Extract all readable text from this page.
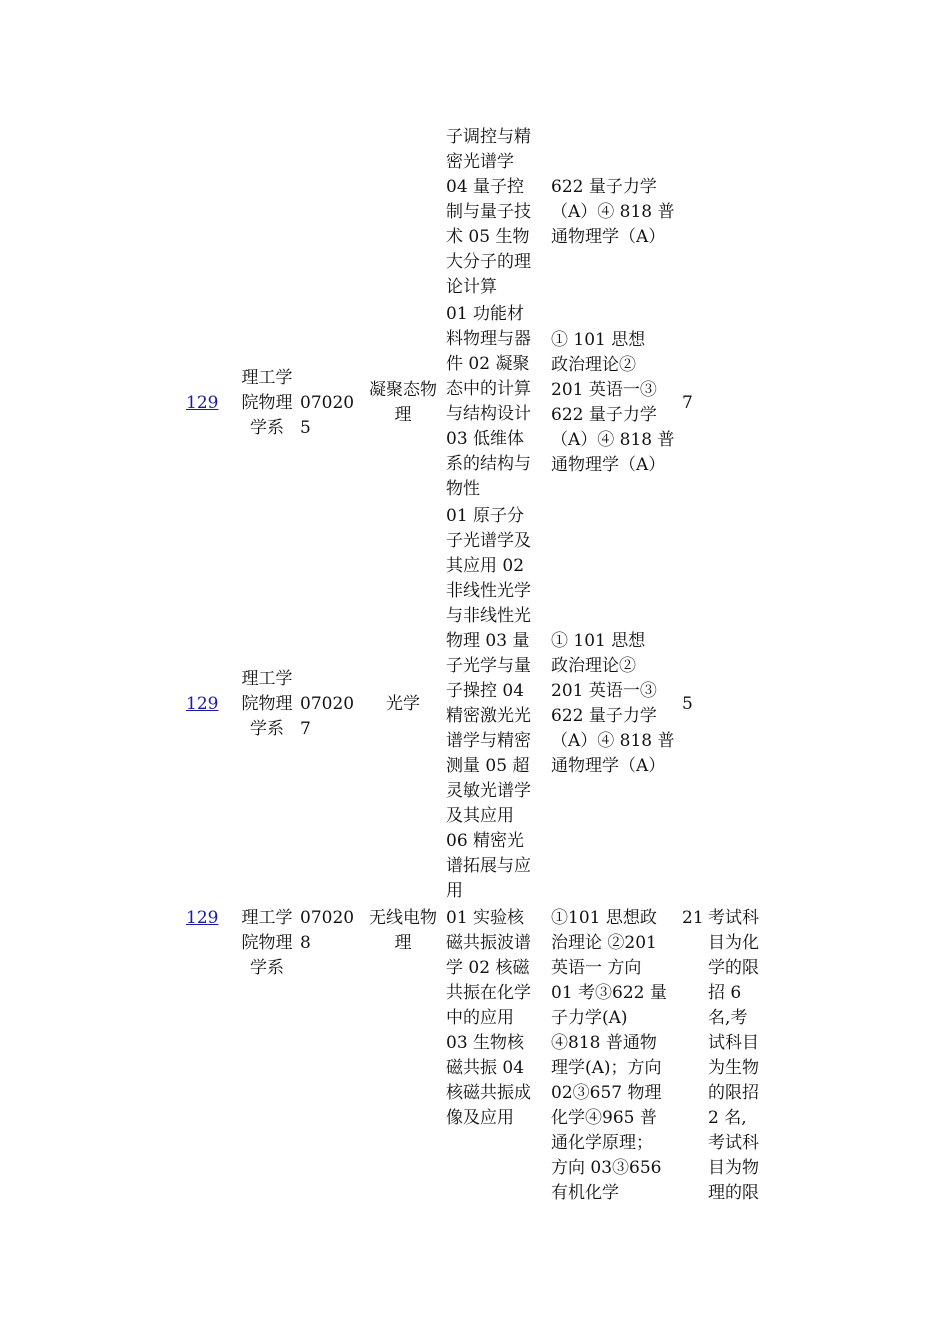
子调控与精
密光谱学
04 量子控
制与量子技
术 05 生物
大分子的理
论计算
622 量子力学
（A）④ 818 普
通物理学（A）
129
理工学
院物理
学系
070205
凝聚态物
理
01 功能材
料物理与器
件 02 凝聚
态中的计算
与结构设计
03 低维体
系的结构与
物性
① 101 思想
政治理论②
201 英语一③
622 量子力学
（A）④ 818 普
通物理学（A）
7
129
理工学
院物理
学系
070207
光学
01 原子分
子光谱学及
其应用 02
非线性光学
与非线性光
物理 03 量
子光学与量
子操控 04
精密激光光
谱学与精密
测量 05 超
灵敏光谱学
及其应用
06 精密光
谱拓展与应
用
① 101 思想
政治理论②
201 英语一③
622 量子力学
（A）④ 818 普
通物理学（A）
5
129	理工学
院物理
学系
070208
无线电物
理
01 实验核
磁共振波谱
学 02 核磁
共振在化学
中的应用
03 生物核
磁共振 04
核磁共振成
像及应用
①101 思想政
治理论 ②201
英语一 方向
01 考③622 量
子力学(A)
④818 普通物
理学(A)；方向
02③657 物理
化学④965 普
通化学原理；
方向 03③656
有机化学
21 考试科
目为化
学的限
招 6
名,考
试科目
为生物
的限招
2 名,
考试科
目为物
理的限
